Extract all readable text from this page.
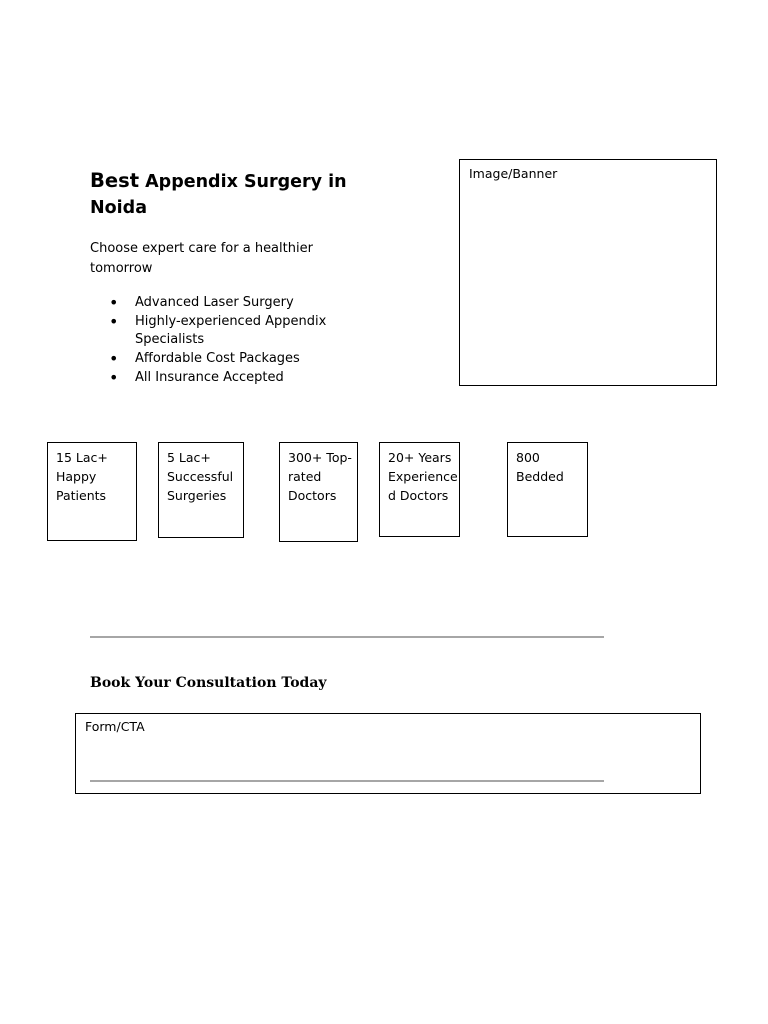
Best Appendix Surgery in Noida

Choose expert care for a healthier tomorrow

• Advanced Laser Surgery
• Highly-experienced Appendix Specialists
• Affordable Cost Packages
• All Insurance Accepted
Image/Banner
15 Lac+
Happy
Patients
5 Lac+
Successful
Surgeries
300+ Top-
rated
Doctors
20+ Years
Experience
d Doctors
800
Bedded
Book Your Consultation Today
Form/CTA
